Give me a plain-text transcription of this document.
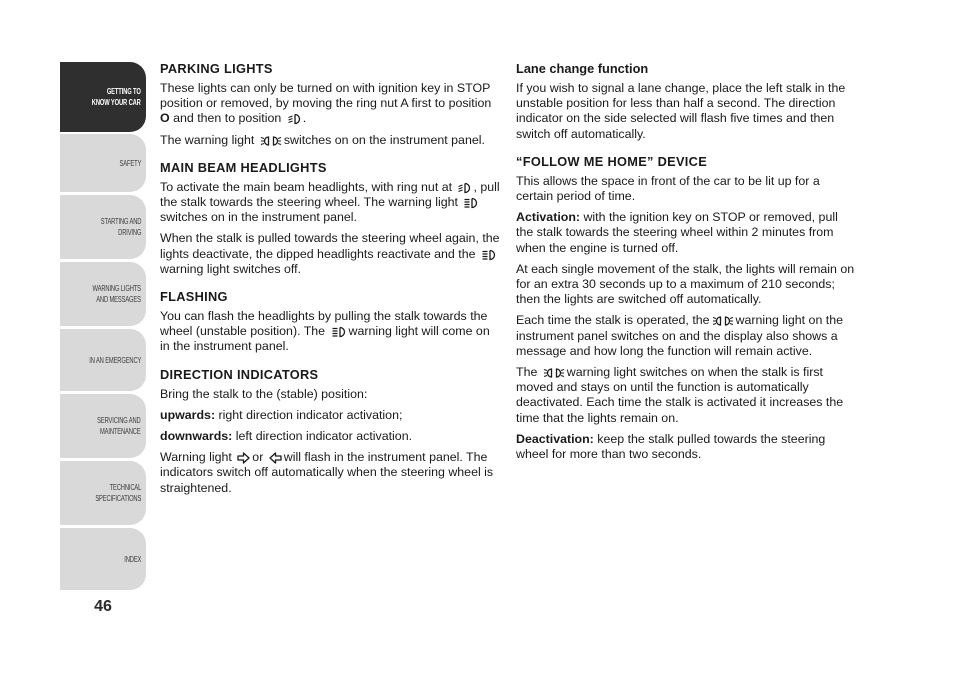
GETTING TO
KNOW YOUR CAR
SAFETY
STARTING AND
DRIVING
WARNING LIGHTS
AND MESSAGES
IN AN EMERGENCY
SERVICING AND
MAINTENANCE
TECHNICAL
SPECIFICATIONS
INDEX
46
PARKING LIGHTS

These lights can only be turned on with ignition key in STOP position or removed, by moving the ring nut A first to position O and then to position .

The warning light switches on on the instrument panel.

MAIN BEAM HEADLIGHTS

To activate the main beam headlights, with ring nut at , pull the stalk towards the steering wheel. The warning light switches on in the instrument panel.

When the stalk is pulled towards the steering wheel again, the lights deactivate, the dipped headlights reactivate and the warning light switches off.

FLASHING

You can flash the headlights by pulling the stalk towards the wheel (unstable position). The warning light will come on in the instrument panel.

DIRECTION INDICATORS

Bring the stalk to the (stable) position:

upwards: right direction indicator activation;

downwards: left direction indicator activation.

Warning light or will flash in the instrument panel. The indicators switch off automatically when the steering wheel is straightened.

Lane change function

If you wish to signal a lane change, place the left stalk in the unstable position for less than half a second. The direction indicator on the side selected will flash five times and then switch off automatically.

“FOLLOW ME HOME” DEVICE

This allows the space in front of the car to be lit up for a certain period of time.

Activation: with the ignition key on STOP or removed, pull the stalk towards the steering wheel within 2 minutes from when the engine is turned off.

At each single movement of the stalk, the lights will remain on for an extra 30 seconds up to a maximum of 210 seconds; then the lights are switched off automatically.

Each time the stalk is operated, the warning light on the instrument panel switches on and the display also shows a message and how long the function will remain active.

The warning light switches on when the stalk is first moved and stays on until the function is automatically deactivated. Each time the stalk is activated it increases the time that the lights remain on.

Deactivation: keep the stalk pulled towards the steering wheel for more than two seconds.
